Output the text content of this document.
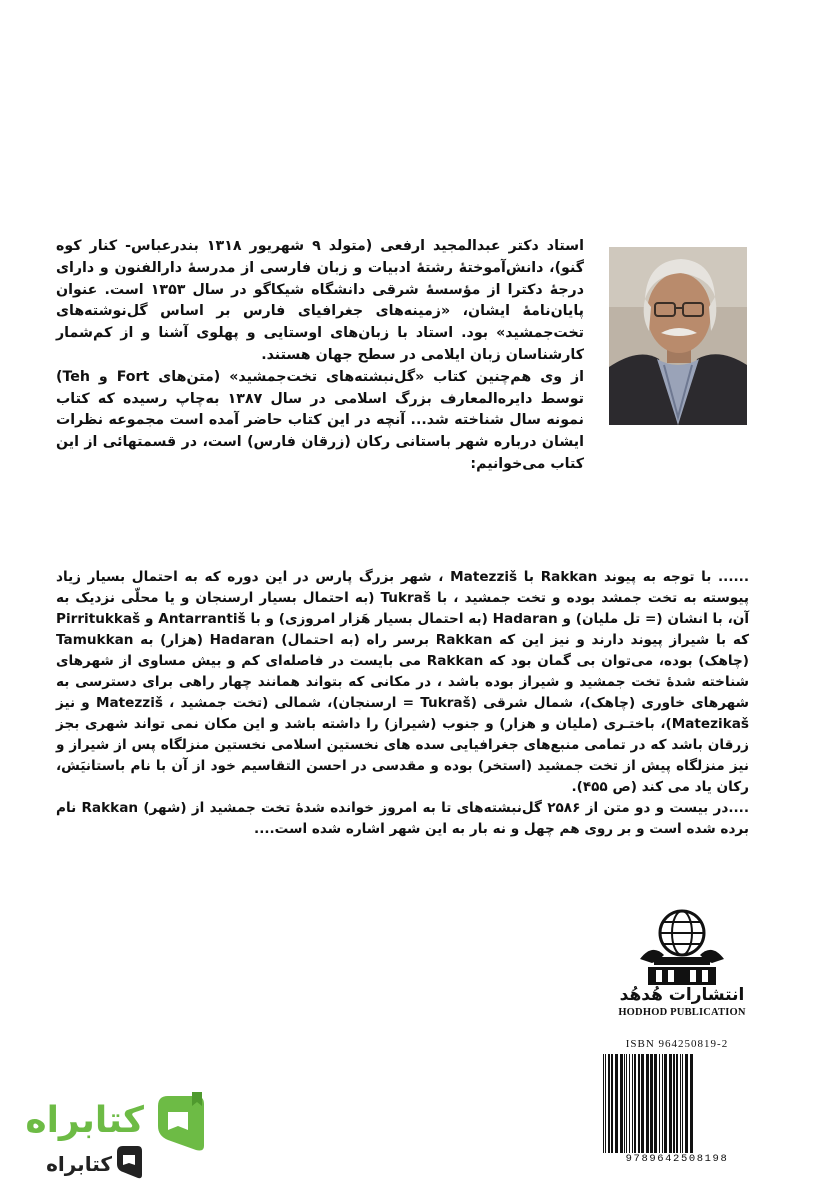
استاد دکتر عبدالمجید ارفعی (متولد ۹ شهریور ۱۳۱۸ بندرعباس- کنار کوه گنو)، دانش‌آموختهٔ رشتهٔ ادبیات و زبان فارسی از مدرسهٔ دارالفنون و دارای درجهٔ دکترا از مؤسسهٔ شرقی دانشگاه شیکاگو در سال ۱۳۵۳ است. عنوان پایان‌نامهٔ ایشان، «زمینه‌های جغرافیای فارس بر اساس گل‌نوشته‌های تخت‌جمشید» بود. استاد با زبان‌های اوستایی و پهلوی آشنا و از کم‌شمار کارشناسان زبان ایلامی در سطح جهان هستند.

از وی هم‌چنین کتاب «گل‌نبشته‌های تخت‌جمشید» (متن‌های Fort و Teh) توسط دایره‌المعارف بزرگ اسلامی در سال ۱۳۸۷ به‌چاپ رسیده که کتاب نمونه سال شناخته شد... آنچه در این کتاب حاضر آمده است مجموعه نظرات ایشان درباره شهر باستانی رکان (زرقان فارس) است، در قسمتهائی از این کتاب می‌خوانیم:

...... با توجه به پیوند Rakkan با Matezziš ، شهر بزرگ پارس در این دوره که به احتمال بسیار زیاد پیوسته به تخت جمشد بوده و تخت جمشید ، با Tukraš (به احتمال بسیار ارسنجان و یا محلّی نزدیک به آن، با انشان (= تل ملیان) و Hadaran (به احتمال بسیار هَزار امروزی) و با Antarrantiš و Pirritukkaš که با شیراز پیوند دارند و نیز این که Rakkan برسر راه (به احتمال) Hadaran (هزار) به Tamukkan (چاهک) بوده، می‌توان بی گمان بود که Rakkan می بایست در فاصله‌ای کم و بیش مساوی از شهرهای شناخته شدهٔ تخت جمشید و شیراز بوده باشد ، در مکانی که بتواند همانند چهار راهی برای دسترسی به شهرهای خاوری (چاهک)، شمال شرقی (Tukraš = ارسنجان)، شمالی (تخت جمشید ، Matezziš و نیز Matezikaš)، باختـری (ملیان و هزار) و جنوب (شیراز) را داشته باشد و این مکان نمی تواند شهری بجز زرقان باشد که در تمامی منبع‌های جغرافیایی سده های نخستین اسلامی نخستین منزلگاه پس از شیراز و نیز منزلگاه پیش از تخت جمشید (استخر) بوده و مقدسی در احسن التقاسیم خود از آن با نام باستانیَش، رکان یاد می کند (ص ۴۵۵).

....در بیست و دو متن از ۲۵۸۶ گل‌نبشته‌های تا به امروز خوانده شدهٔ تخت جمشید از (شهر) Rakkan نام برده شده است و بر روی هم چهل و نه بار به این شهر اشاره شده است....

انتشارات هُدهُد
HODHOD PUBLICATION
ISBN 964250819-2
9789642508198
کتابراه
کتابراه
